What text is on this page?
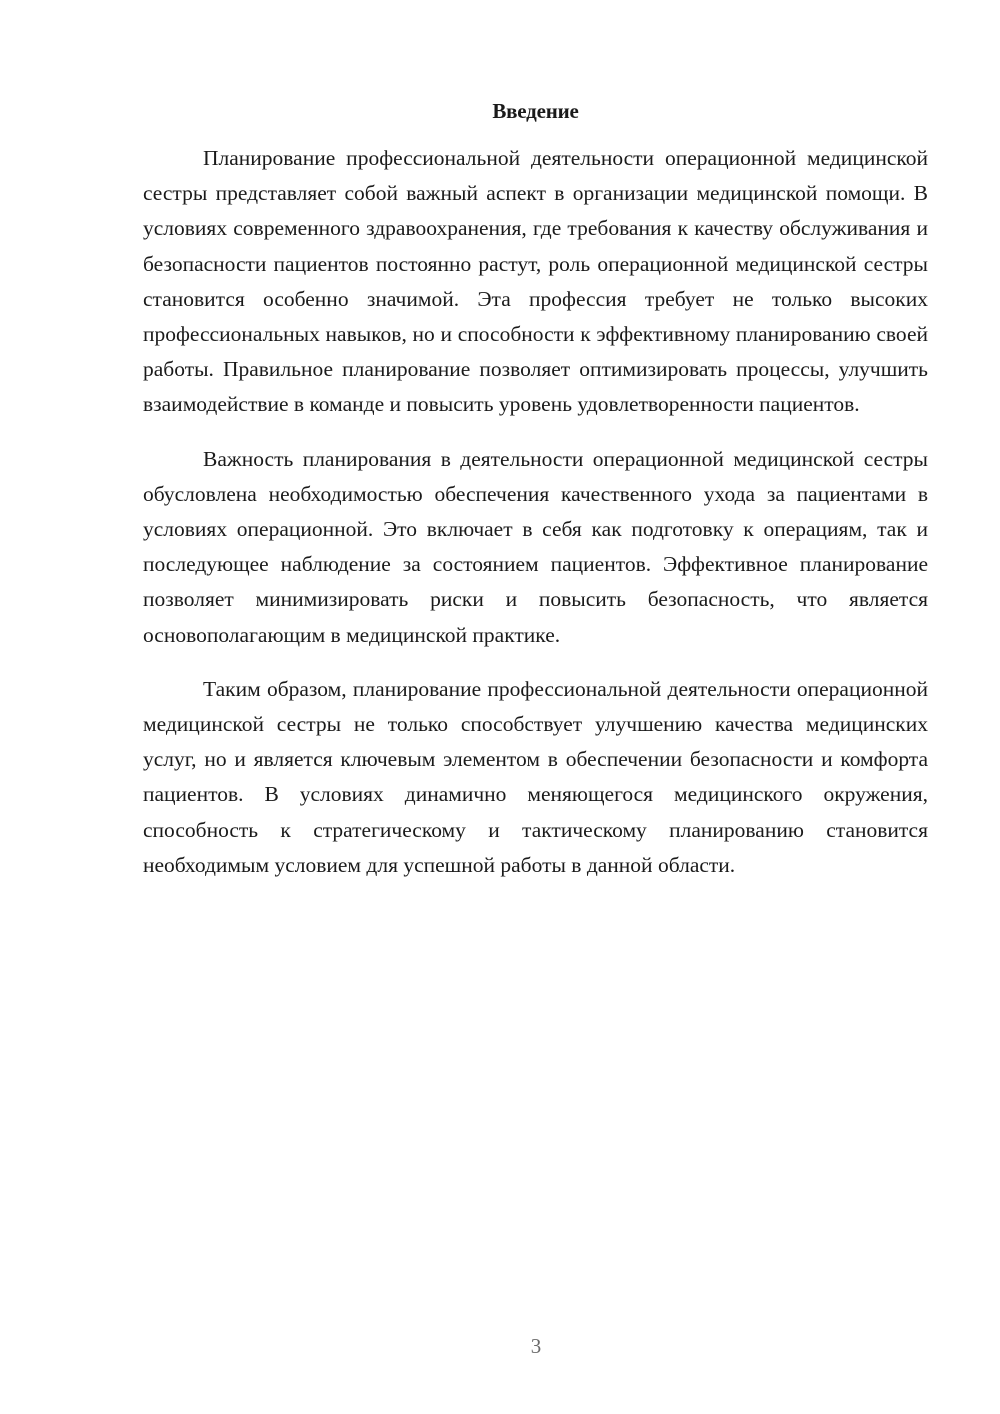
Введение

Планирование профессиональной деятельности операционной медицинской сестры представляет собой важный аспект в организации медицинской помощи. В условиях современного здравоохранения, где требования к качеству обслуживания и безопасности пациентов постоянно растут, роль операционной медицинской сестры становится особенно значимой. Эта профессия требует не только высоких профессиональных навыков, но и способности к эффективному планированию своей работы. Правильное планирование позволяет оптимизировать процессы, улучшить взаимодействие в команде и повысить уровень удовлетворенности пациентов.

Важность планирования в деятельности операционной медицинской сестры обусловлена необходимостью обеспечения качественного ухода за пациентами в условиях операционной. Это включает в себя как подготовку к операциям, так и последующее наблюдение за состоянием пациентов. Эффективное планирование позволяет минимизировать риски и повысить безопасность, что является основополагающим в медицинской практике.

Таким образом, планирование профессиональной деятельности операционной медицинской сестры не только способствует улучшению качества медицинских услуг, но и является ключевым элементом в обеспечении безопасности и комфорта пациентов. В условиях динамично меняющегося медицинского окружения, способность к стратегическому и тактическому планированию становится необходимым условием для успешной работы в данной области.

3
